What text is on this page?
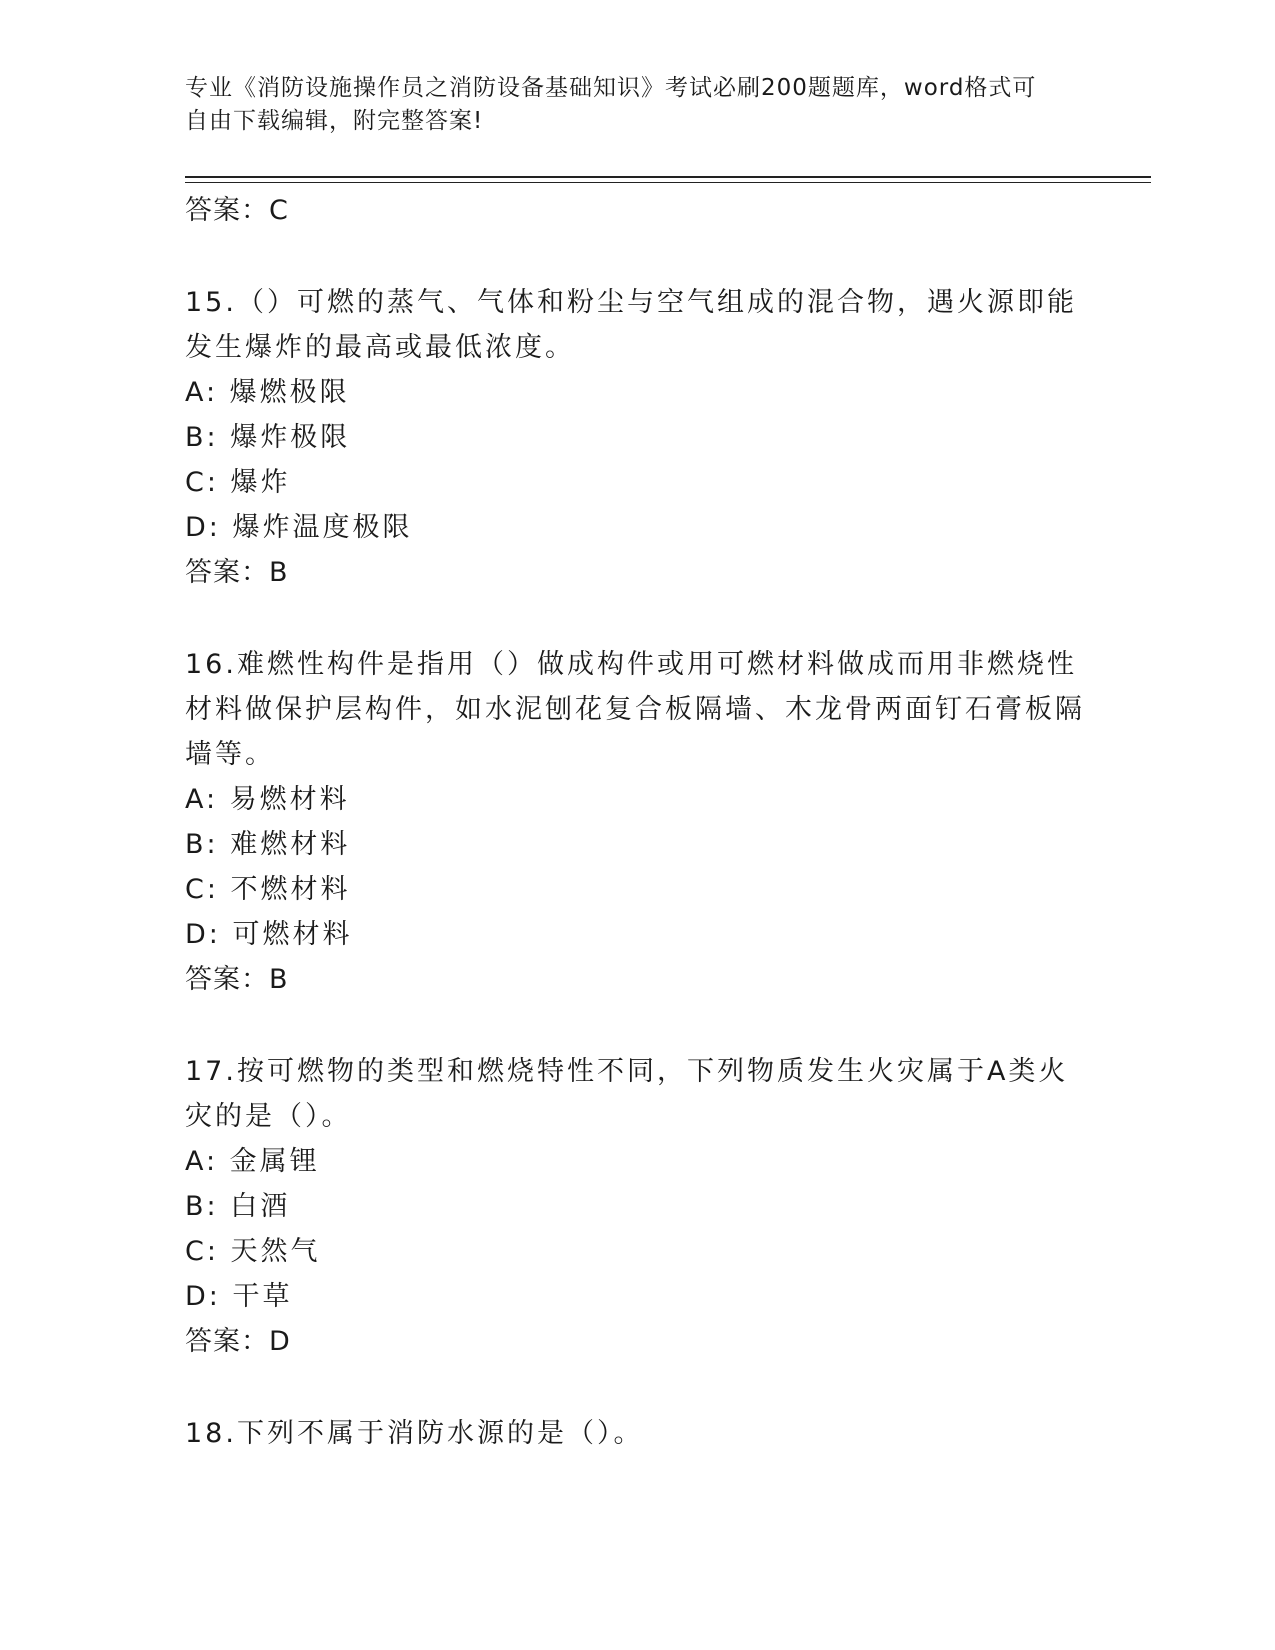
专业《消防设施操作员之消防设备基础知识》考试必刷200题题库，word格式可
自由下载编辑，附完整答案!
答案：C
15.（）可燃的蒸气、气体和粉尘与空气组成的混合物，遇火源即能发生爆炸的最高或最低浓度。
A: 爆燃极限
B: 爆炸极限
C: 爆炸
D: 爆炸温度极限
答案：B
16.难燃性构件是指用（）做成构件或用可燃材料做成而用非燃烧性材料做保护层构件，如水泥刨花复合板隔墙、木龙骨两面钉石膏板隔墙等。
A: 易燃材料
B: 难燃材料
C: 不燃材料
D: 可燃材料
答案：B
17.按可燃物的类型和燃烧特性不同，下列物质发生火灾属于A类火灾的是（）。
A: 金属锂
B: 白酒
C: 天然气
D: 干草
答案：D
18.下列不属于消防水源的是（）。
